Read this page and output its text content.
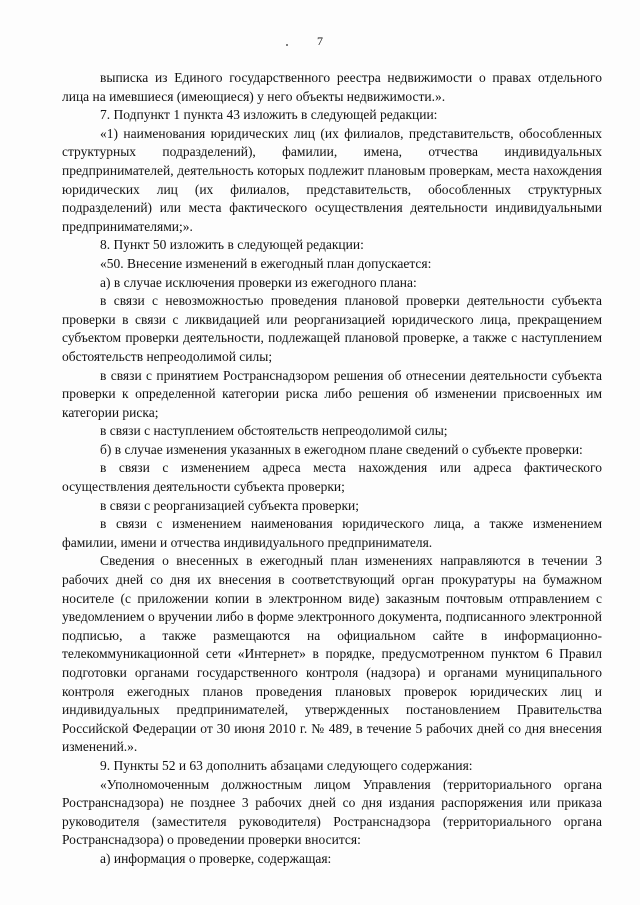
7

выписка из Единого государственного реестра недвижимости о правах отдельного лица на имевшиеся (имеющиеся) у него объекты недвижимости.».

7. Подпункт 1 пункта 43 изложить в следующей редакции:

«1) наименования юридических лиц (их филиалов, представительств, обособленных структурных подразделений), фамилии, имена, отчества индивидуальных предпринимателей, деятельность которых подлежит плановым проверкам, места нахождения юридических лиц (их филиалов, представительств, обособленных структурных подразделений) или места фактического осуществления деятельности индивидуальными предпринимателями;».

8. Пункт 50 изложить в следующей редакции:

«50. Внесение изменений в ежегодный план допускается:

а) в случае исключения проверки из ежегодного плана:

в связи с невозможностью проведения плановой проверки деятельности субъекта проверки в связи с ликвидацией или реорганизацией юридического лица, прекращением субъектом проверки деятельности, подлежащей плановой проверке, а также с наступлением обстоятельств непреодолимой силы;

в связи с принятием Ространснадзором решения об отнесении деятельности субъекта проверки к определенной категории риска либо решения об изменении присвоенных им категории риска;

в связи с наступлением обстоятельств непреодолимой силы;

б) в случае изменения указанных в ежегодном плане сведений о субъекте проверки:

в связи с изменением адреса места нахождения или адреса фактического осуществления деятельности субъекта проверки;

в связи с реорганизацией субъекта проверки;

в связи с изменением наименования юридического лица, а также изменением фамилии, имени и отчества индивидуального предпринимателя.

Сведения о внесенных в ежегодный план изменениях направляются в течении 3 рабочих дней со дня их внесения в соответствующий орган прокуратуры на бумажном носителе (с приложении копии в электронном виде) заказным почтовым отправлением с уведомлением о вручении либо в форме электронного документа, подписанного электронной подписью, а также размещаются на официальном сайте в информационно-телекоммуникационной сети «Интернет» в порядке, предусмотренном пунктом 6 Правил подготовки органами государственного контроля (надзора) и органами муниципального контроля ежегодных планов проведения плановых проверок юридических лиц и индивидуальных предпринимателей, утвержденных постановлением Правительства Российской Федерации от 30 июня 2010 г. № 489, в течение 5 рабочих дней со дня внесения изменений.».

9. Пункты 52 и 63 дополнить абзацами следующего содержания:

«Уполномоченным должностным лицом Управления (территориального органа Ространснадзора) не позднее 3 рабочих дней со дня издания распоряжения или приказа руководителя (заместителя руководителя) Ространснадзора (территориального органа Ространснадзора) о проведении проверки вносится:

а) информация о проверке, содержащая:
